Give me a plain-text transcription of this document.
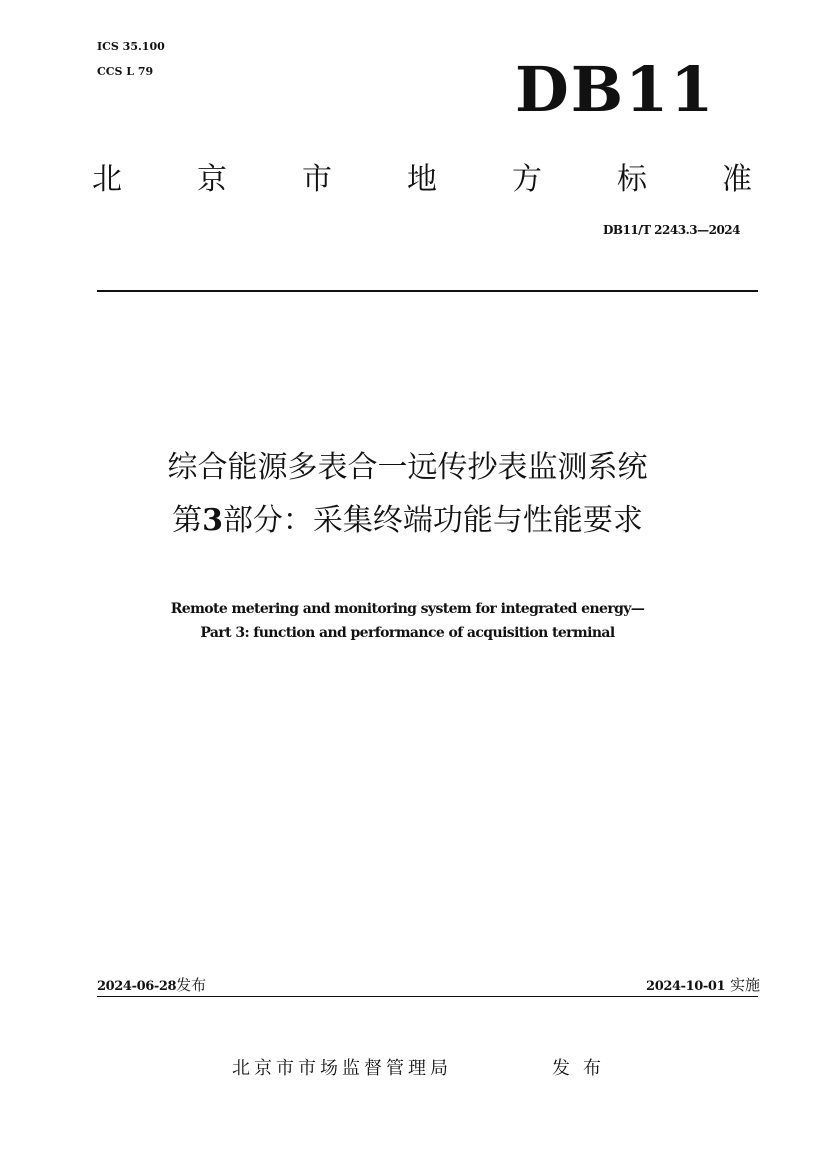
ICS 35.100
CCS L 79	DB11
北	京	市	地	方	标	准
DB11/T 2243.3—2024
综合能源多表合一远传抄表监测系统
第3部分：采集终端功能与性能要求
Remote metering and monitoring system for integrated energy—
Part 3: function and performance of acquisition terminal
2024-06-28发布	2024-10-01 实施
北京市市场监督管理局	发布
